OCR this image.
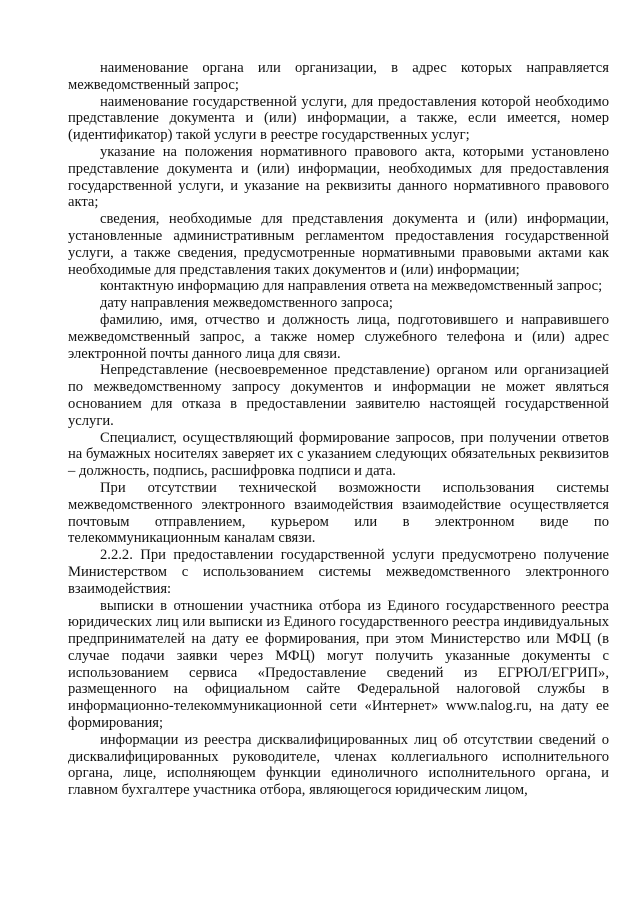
наименование органа или организации, в адрес которых направляется межведомственный запрос;

наименование государственной услуги, для предоставления которой необходимо представление документа и (или) информации, а также, если имеется, номер (идентификатор) такой услуги в реестре государственных услуг;

указание на положения нормативного правового акта, которыми установлено представление документа и (или) информации, необходимых для предоставления государственной услуги, и указание на реквизиты данного нормативного правового акта;

сведения, необходимые для представления документа и (или) информации, установленные административным регламентом предоставления государственной услуги, а также сведения, предусмотренные нормативными правовыми актами как необходимые для представления таких документов и (или) информации;

контактную информацию для направления ответа на межведомственный запрос;

дату направления межведомственного запроса;

фамилию, имя, отчество и должность лица, подготовившего и направившего межведомственный запрос, а также номер служебного телефона и (или) адрес электронной почты данного лица для связи.

Непредставление (несвоевременное представление) органом или организацией по межведомственному запросу документов и информации не может являться основанием для отказа в предоставлении заявителю настоящей государственной услуги.

Специалист, осуществляющий формирование запросов, при получении ответов на бумажных носителях заверяет их с указанием следующих обязательных реквизитов – должность, подпись, расшифровка подписи и дата.

При отсутствии технической возможности использования системы межведомственного электронного взаимодействия взаимодействие осуществляется почтовым отправлением, курьером или в электронном виде по телекоммуникационным каналам связи.

2.2.2. При предоставлении государственной услуги предусмотрено получение Министерством с использованием системы межведомственного электронного взаимодействия:

выписки в отношении участника отбора из Единого государственного реестра юридических лиц или выписки из Единого государственного реестра индивидуальных предпринимателей на дату ее формирования, при этом Министерство или МФЦ (в случае подачи заявки через МФЦ) могут получить указанные документы с использованием сервиса «Предоставление сведений из ЕГРЮЛ/ЕГРИП», размещенного на официальном сайте Федеральной налоговой службы в информационно-телекоммуникационной сети «Интернет» www.nalog.ru, на дату ее формирования;

информации из реестра дисквалифицированных лиц об отсутствии сведений о дисквалифицированных руководителе, членах коллегиального исполнительного органа, лице, исполняющем функции единоличного исполнительного органа, и главном бухгалтере участника отбора, являющегося юридическим лицом,
